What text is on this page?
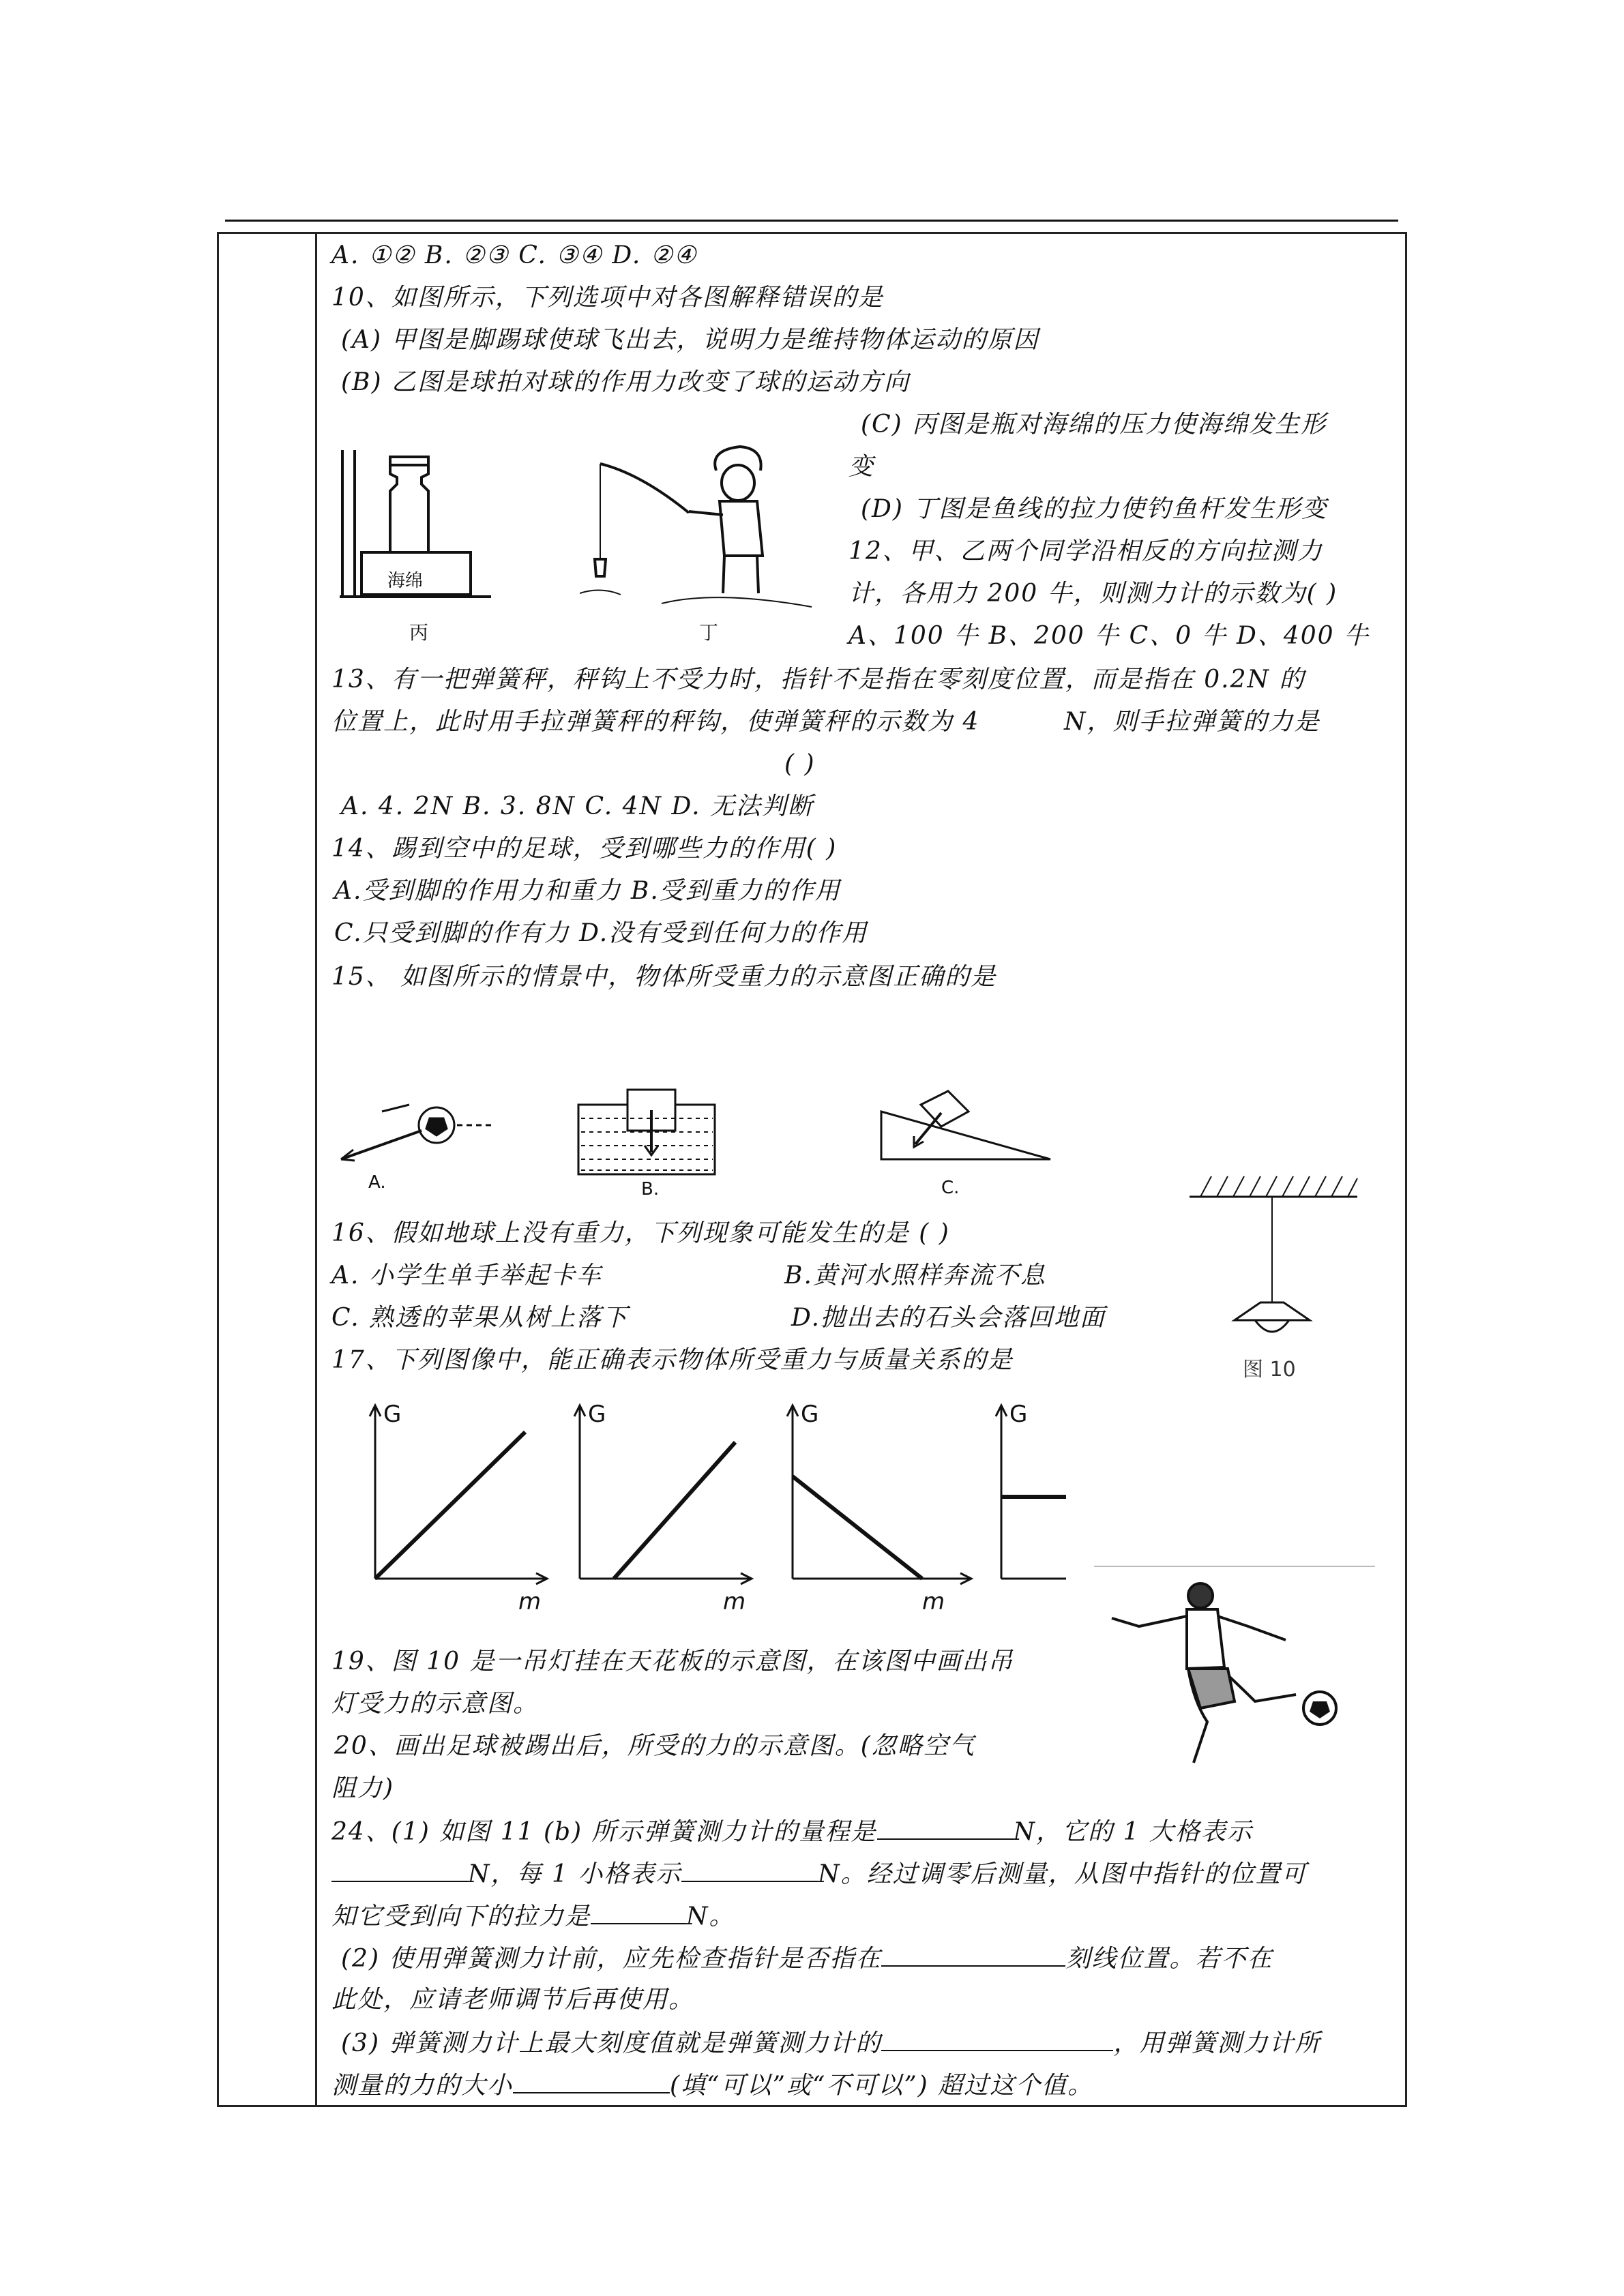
A. ①② B. ②③ C. ③④ D. ②④
10、如图所示，下列选项中对各图解释错误的是
(A) 甲图是脚踢球使球飞出去，说明力是维持物体运动的原因
(B) 乙图是球拍对球的作用力改变了球的运动方向
海绵
丙	丁
(C) 丙图是瓶对海绵的压力使海绵发生形
变
(D) 丁图是鱼线的拉力使钓鱼杆发生形变
12、甲、乙两个同学沿相反的方向拉测力
计，各用力 200 牛，则测力计的示数为( )
A、100 牛 B、200 牛 C、0 牛 D、400 牛
13、有一把弹簧秤，秤钩上不受力时，指针不是指在零刻度位置，而是指在 0.2N 的
位置上，此时用手拉弹簧秤的秤钩，使弹簧秤的示数为 4	N，则手拉弹簧的力是
( )
A. 4. 2N B. 3. 8N C. 4N D. 无法判断
14、踢到空中的足球，受到哪些力的作用( )
A.受到脚的作用力和重力 B.受到重力的作用
C.只受到脚的作有力 D.没有受到任何力的作用
15、 如图所示的情景中，物体所受重力的示意图正确的是
A.	B.	C.
图 10
16、假如地球上没有重力，下列现象可能发生的是 ( )
A. 小学生单手举起卡车	B.黄河水照样奔流不息
C. 熟透的苹果从树上落下	D.抛出去的石头会落回地面
17、下列图像中，能正确表示物体所受重力与质量关系的是
G
m
G
m
G
m
G
19、图 10 是一吊灯挂在天花板的示意图，在该图中画出吊
灯受力的示意图。
20、画出足球被踢出后，所受的力的示意图。(忽略空气
阻力)
24、(1) 如图 11 (b) 所示弹簧测力计的量程是	N，它的 1 大格表示
N，每 1 小格表示	N。经过调零后测量，从图中指针的位置可
知它受到向下的拉力是	N。
(2) 使用弹簧测力计前，应先检查指针是否指在	刻线位置。若不在
此处，应请老师调节后再使用。
(3) 弹簧测力计上最大刻度值就是弹簧测力计的	，用弹簧测力计所
测量的力的大小	(填“可以”或“不可以”) 超过这个值。
